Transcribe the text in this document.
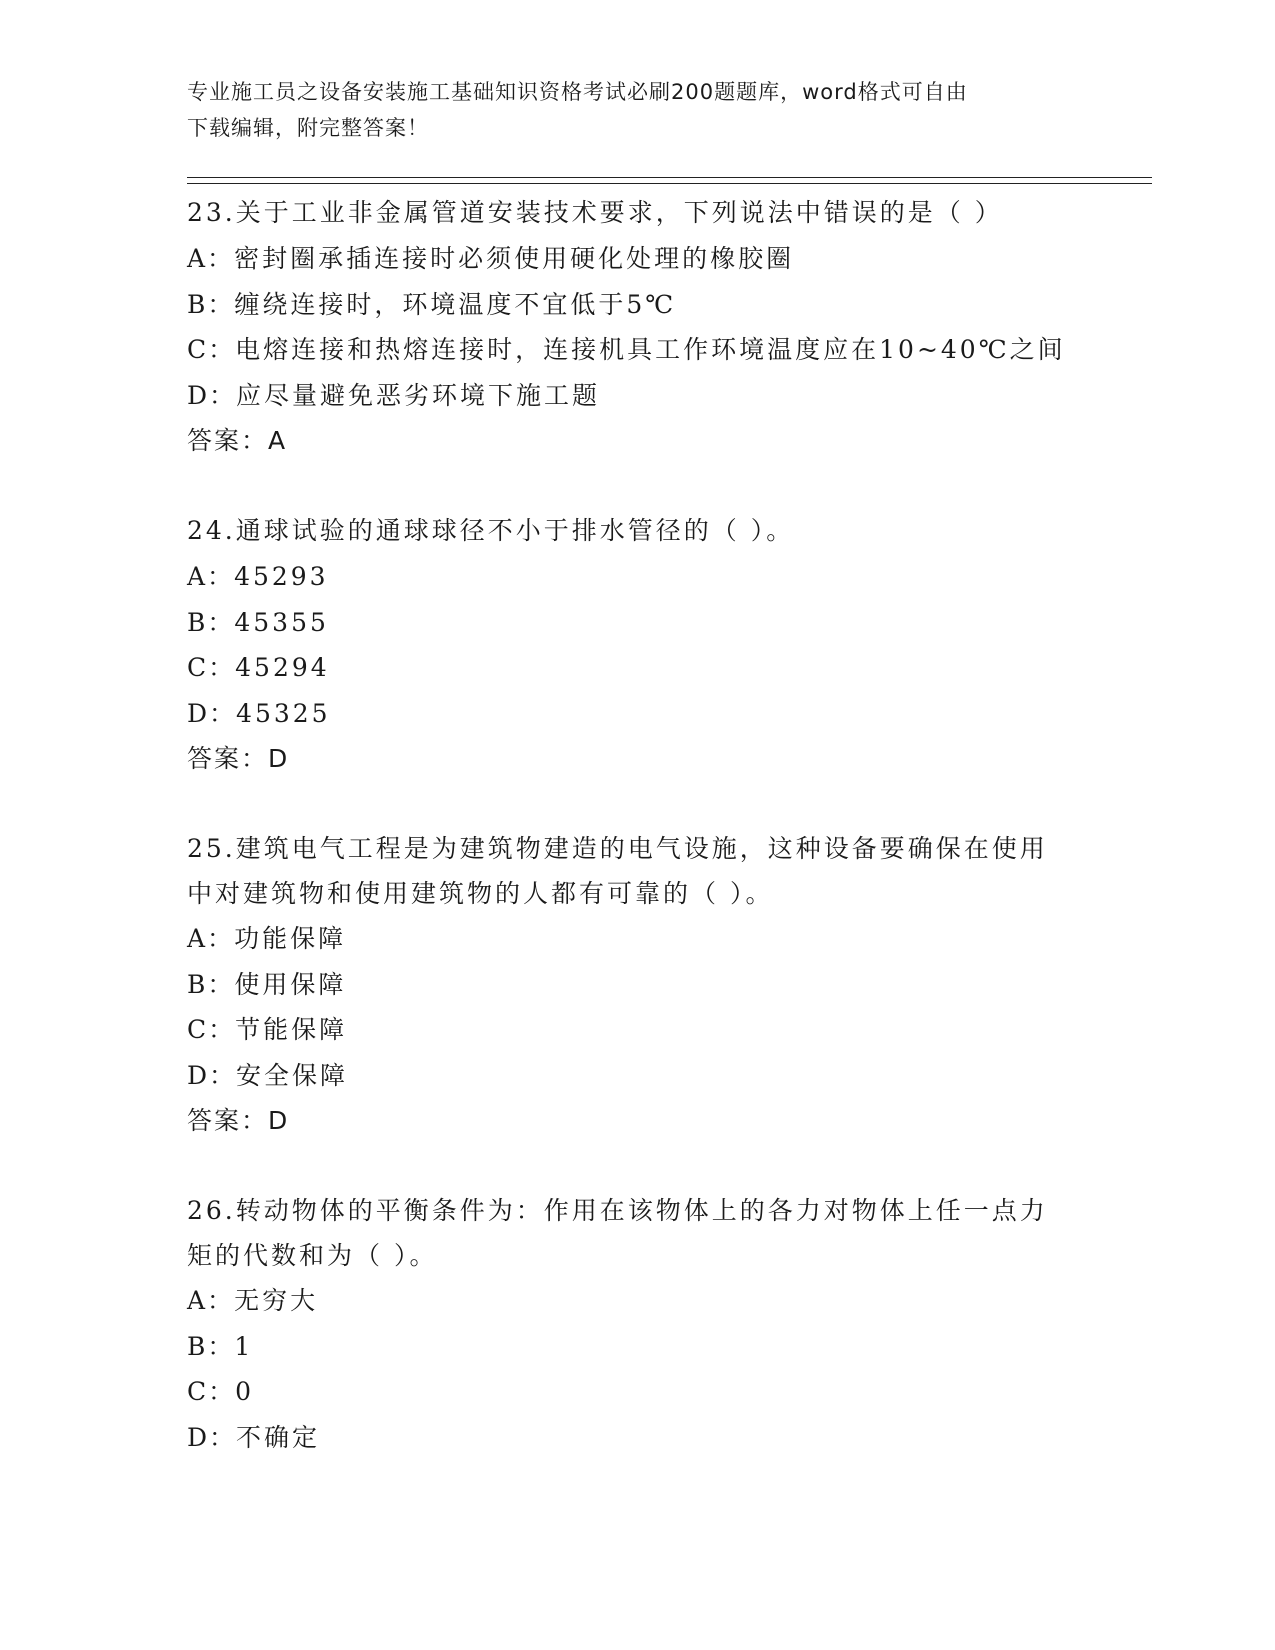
专业施工员之设备安装施工基础知识资格考试必刷200题题库，word格式可自由
下载编辑，附完整答案！

23.关于工业非金属管道安装技术要求，下列说法中错误的是（ ）

A：密封圈承插连接时必须使用硬化处理的橡胶圈

B：缠绕连接时，环境温度不宜低于5℃

C：电熔连接和热熔连接时，连接机具工作环境温度应在10~40℃之间

D：应尽量避免恶劣环境下施工题

答案：A

24.通球试验的通球球径不小于排水管径的（ ）。

A：45293

B：45355

C：45294

D：45325

答案：D

25.建筑电气工程是为建筑物建造的电气设施，这种设备要确保在使用

中对建筑物和使用建筑物的人都有可靠的（ ）。

A：功能保障

B：使用保障

C：节能保障

D：安全保障

答案：D

26.转动物体的平衡条件为：作用在该物体上的各力对物体上任一点力

矩的代数和为（ ）。

A：无穷大

B：1

C：0

D：不确定
